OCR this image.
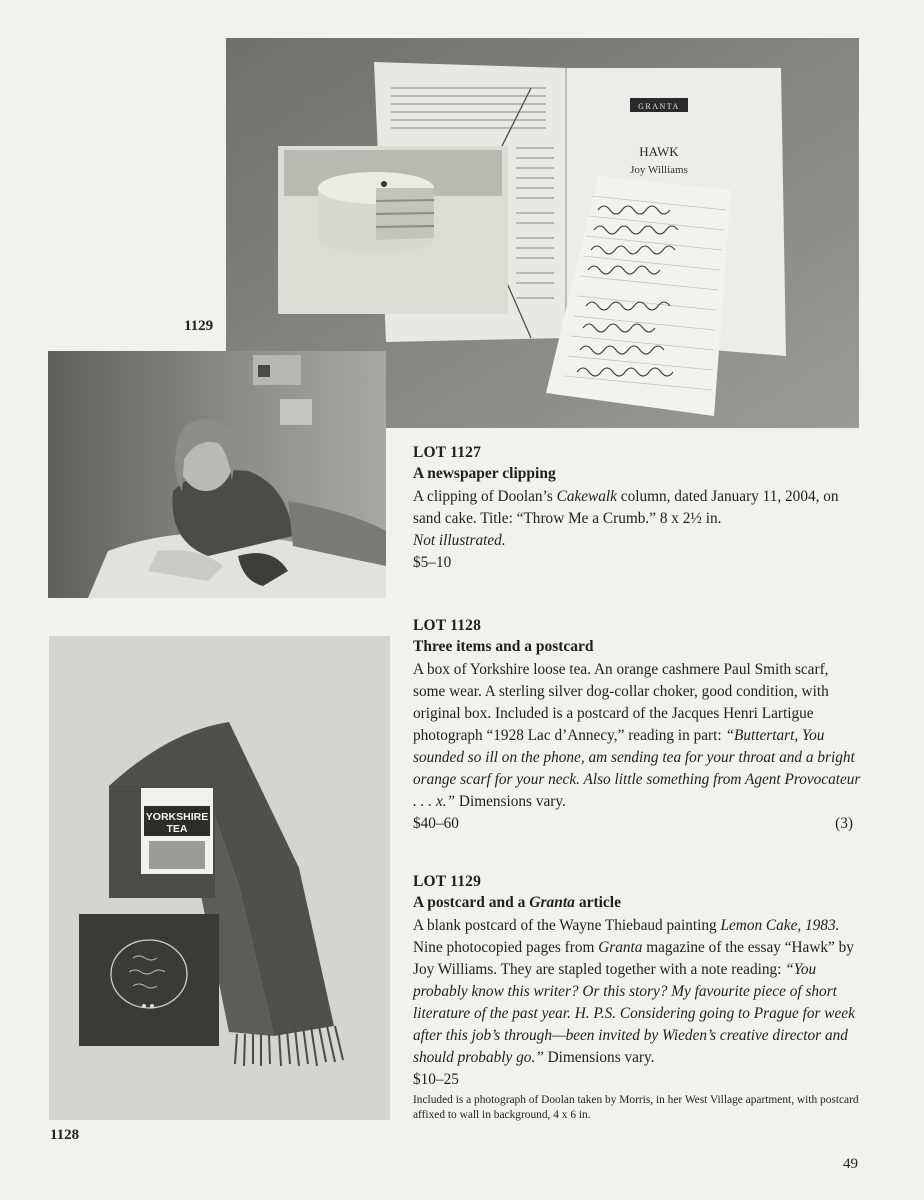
GRANTA
HAWK
Joy Williams
1129
YORKSHIRE
TEA
1128
LOT 1127
A newspaper clipping

A clipping of Doolan’s Cakewalk column, dated January 11, 2004, on sand cake. Title: “Throw Me a Crumb.” 8 x 2½ in.

Not illustrated.

$5–10
LOT 1128
Three items and a postcard

A box of Yorkshire loose tea. An orange cashmere Paul Smith scarf, some wear. A sterling silver dog-collar choker, good condition, with original box. Included is a postcard of the Jacques Henri Lartigue photograph “1928 Lac d’Annecy,” reading in part: “Buttertart, You sounded so ill on the phone, am sending tea for your throat and a bright orange scarf for your neck. Also little something from Agent Provocateur . . . x.” Dimensions vary.

$40–60	(3)
LOT 1129
A postcard and a Granta article

A blank postcard of the Wayne Thiebaud painting Lemon Cake, 1983. Nine photocopied pages from Granta magazine of the essay “Hawk” by Joy Williams. They are stapled together with a note reading: “You probably know this writer? Or this story? My favourite piece of short literature of the past year. H. P.S. Considering going to Prague for week after this job’s through—been invited by Wieden’s creative director and should probably go.” Dimensions vary.

$10–25
Included is a photograph of Doolan taken by Morris, in her West Village apartment, with postcard affixed to wall in background, 4 x 6 in.
49
